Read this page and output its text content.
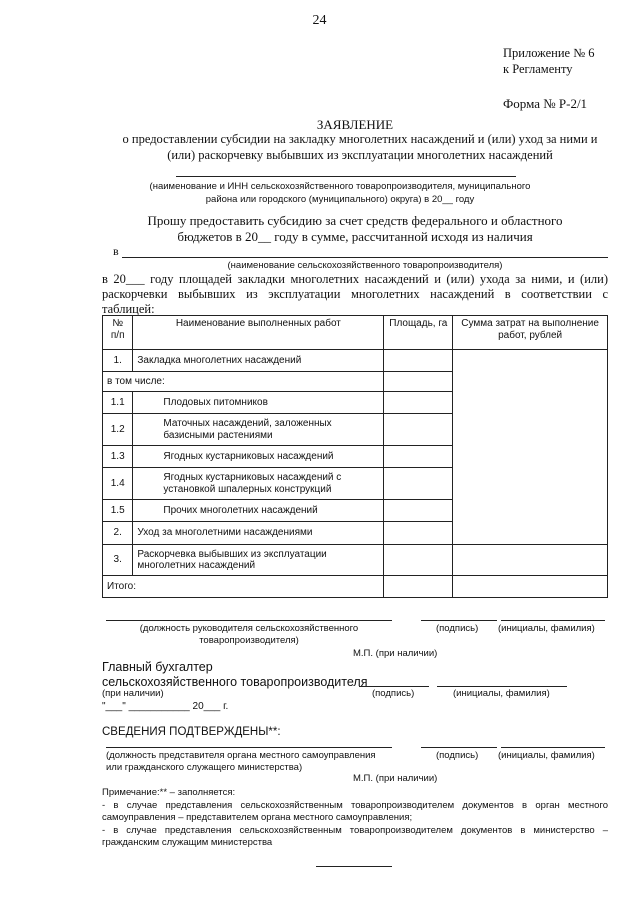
24
Приложение № 6
к Регламенту
Форма № Р-2/1
ЗАЯВЛЕНИЕ
о предоставлении субсидии на закладку многолетних насаждений и (или) уход за ними и
(или) раскорчевку выбывших из эксплуатации многолетних насаждений
(наименование и ИНН сельскохозяйственного товаропроизводителя, муниципального
района или городского (муниципального) округа) в 20__ году
Прошу предоставить субсидию за счет средств федерального и областного
бюджетов в 20__ году в сумме, рассчитанной исходя из наличия
в
(наименование сельскохозяйственного товаропроизводителя)
в 20___ году площадей закладки многолетних насаждений и (или) ухода за ними, и (или)
раскорчевки выбывших из эксплуатации многолетних насаждений в соответствии с
таблицей:
№ п/п	Наименование выполненных работ	Площадь, га	Сумма затрат на выполнение работ, рублей
1.	Закладка многолетних насаждений		
в том числе:			
1.1	Плодовых питомников		
1.2	Маточных насаждений, заложенных базисными растениями		
1.3	Ягодных кустарниковых насаждений		
1.4	Ягодных кустарниковых насаждений с установкой шпалерных конструкций		
1.5	Прочих многолетних насаждений		
2.	Уход за многолетними насаждениями		
3.	Раскорчевка выбывших из эксплуатации многолетних насаждений		
Итого:			
(должность руководителя сельскохозяйственного
товаропроизводителя)
(подпись) (инициалы, фамилия)
М.П. (при наличии)
Главный бухгалтер
сельскохозяйственного товаропроизводителя
(при наличии)	(подпись)	(инициалы, фамилия)
"___" ___________ 20___ г.
СВЕДЕНИЯ ПОДТВЕРЖДЕНЫ**:
(должность представителя органа местного самоуправления
или гражданского служащего министерства)
(подпись) (инициалы, фамилия)
М.П. (при наличии)
Примечание:** – заполняется:
- в случае представления сельскохозяйственным товаропроизводителем документов в орган местного
самоуправления – представителем органа местного самоуправления;
- в случае представления сельскохозяйственным товаропроизводителем документов в министерство –
гражданским служащим министерства
